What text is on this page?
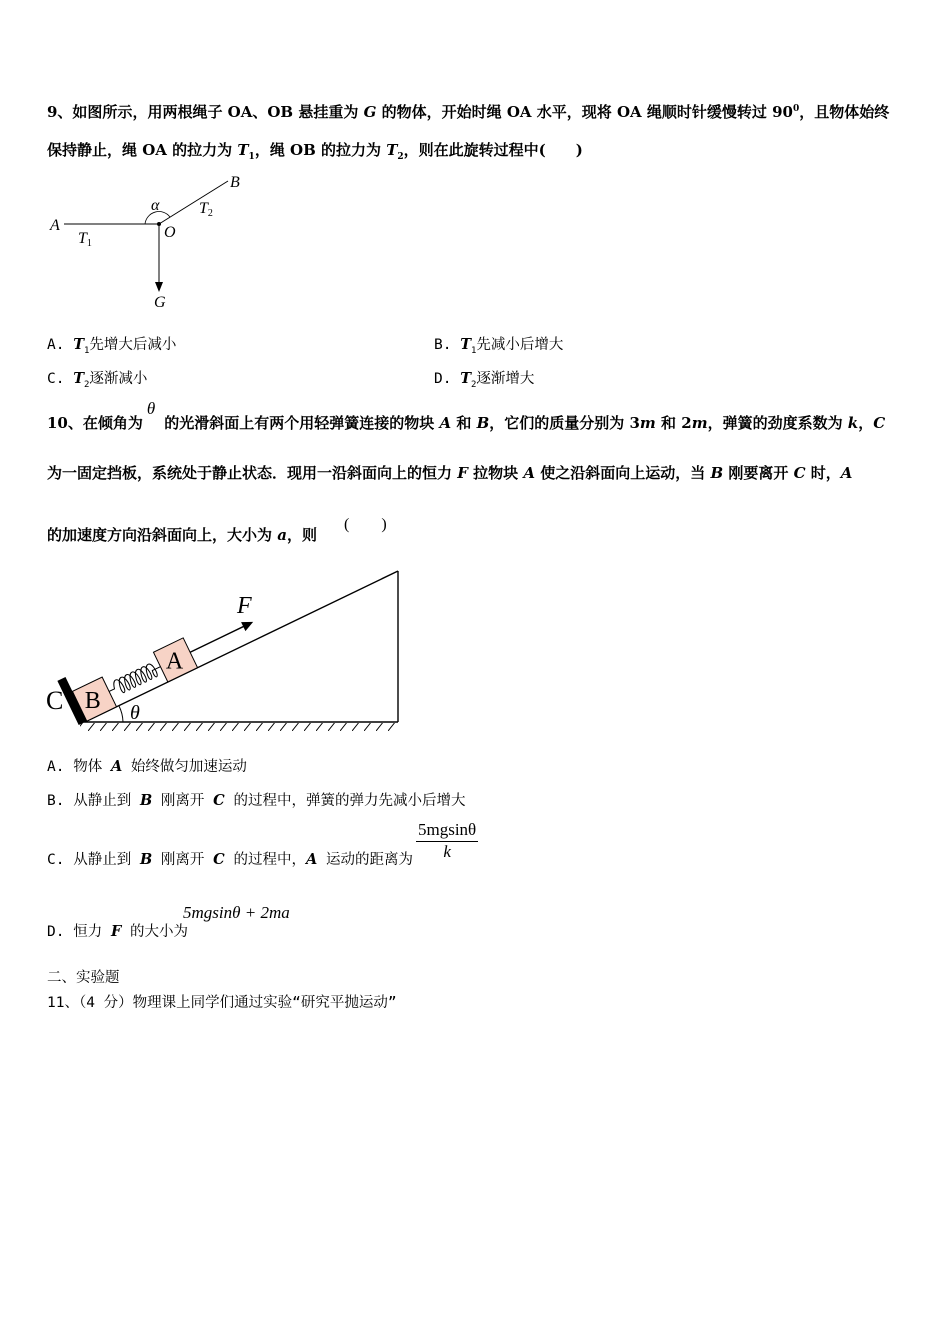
9、如图所示，用两根绳子 OA、OB 悬挂重为 G 的物体，开始时绳 OA 水平，现将 OA 绳顺时针缓慢转过 $90^0$，且物体始终
保持静止，绳 OA 的拉力为 $T_1$，绳 OB 的拉力为 $T_2$，则在此旋转过程中(　　)
A
B
O
G
α
T1
T2
A. $T_1$先增大后减小	B. $T_1$先减小后增大
C. $T_2$逐渐减小	D. $T_2$逐渐增大
10、在倾角为θ的光滑斜面上有两个用轻弹簧连接的物块 A 和 B，它们的质量分别为 3m 和 2m，弹簧的劲度系数为 k，C
为一固定挡板，系统处于静止状态．现用一沿斜面向上的恒力 F 拉物块 A 使之沿斜面向上运动，当 B 刚要离开 C 时，A
的加速度方向沿斜面向上，大小为 a，则
(　　)
B
A
C
F
θ
A. 物体 A 始终做匀加速运动
B. 从静止到 B 刚离开 C 的过程中，弹簧的弹力先减小后增大
C. 从静止到 B 刚离开 C 的过程中，A 运动的距离为 $\frac{5mgsin\theta}{k}$
D. 恒力 F 的大小为
5mgsinθ + 2ma
二、实验题
11、（4 分）物理课上同学们通过实验“研究平抛运动”
